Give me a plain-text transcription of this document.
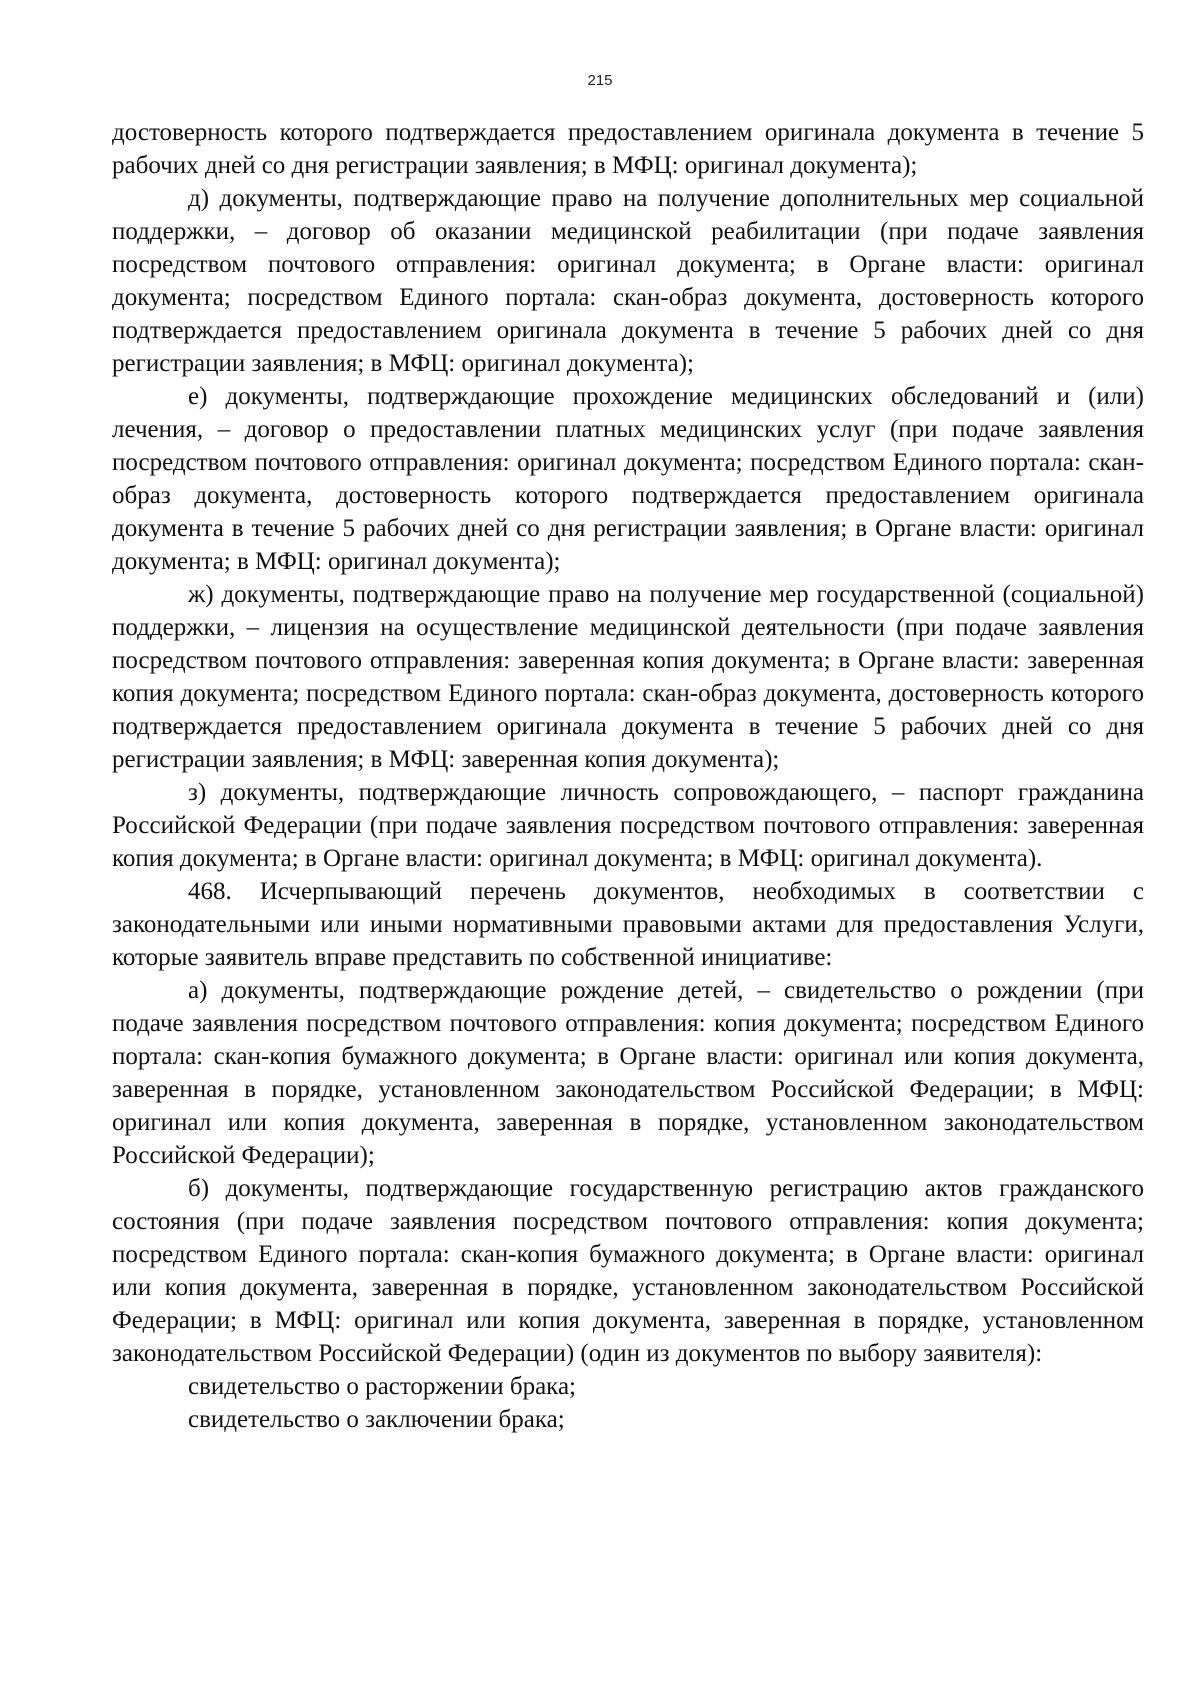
215

достоверность которого подтверждается предоставлением оригинала документа в течение 5 рабочих дней со дня регистрации заявления; в МФЦ: оригинал документа);

д) документы, подтверждающие право на получение дополнительных мер социальной поддержки, – договор об оказании медицинской реабилитации (при подаче заявления посредством почтового отправления: оригинал документа; в Органе власти: оригинал документа; посредством Единого портала: скан-образ документа, достоверность которого подтверждается предоставлением оригинала документа в течение 5 рабочих дней со дня регистрации заявления; в МФЦ: оригинал документа);

е) документы, подтверждающие прохождение медицинских обследований и (или) лечения, – договор о предоставлении платных медицинских услуг (при подаче заявления посредством почтового отправления: оригинал документа; посредством Единого портала: скан-образ документа, достоверность которого подтверждается предоставлением оригинала документа в течение 5 рабочих дней со дня регистрации заявления; в Органе власти: оригинал документа; в МФЦ: оригинал документа);

ж) документы, подтверждающие право на получение мер государственной (социальной) поддержки, – лицензия на осуществление медицинской деятельности (при подаче заявления посредством почтового отправления: заверенная копия документа; в Органе власти: заверенная копия документа; посредством Единого портала: скан-образ документа, достоверность которого подтверждается предоставлением оригинала документа в течение 5 рабочих дней со дня регистрации заявления; в МФЦ: заверенная копия документа);

з) документы, подтверждающие личность сопровождающего, – паспорт гражданина Российской Федерации (при подаче заявления посредством почтового отправления: заверенная копия документа; в Органе власти: оригинал документа; в МФЦ: оригинал документа).

468. Исчерпывающий перечень документов, необходимых в соответствии с законодательными или иными нормативными правовыми актами для предоставления Услуги, которые заявитель вправе представить по собственной инициативе:

а) документы, подтверждающие рождение детей, – свидетельство о рождении (при подаче заявления посредством почтового отправления: копия документа; посредством Единого портала: скан-копия бумажного документа; в Органе власти: оригинал или копия документа, заверенная в порядке, установленном законодательством Российской Федерации; в МФЦ: оригинал или копия документа, заверенная в порядке, установленном законодательством Российской Федерации);

б) документы, подтверждающие государственную регистрацию актов гражданского состояния (при подаче заявления посредством почтового отправления: копия документа; посредством Единого портала: скан-копия бумажного документа; в Органе власти: оригинал или копия документа, заверенная в порядке, установленном законодательством Российской Федерации; в МФЦ: оригинал или копия документа, заверенная в порядке, установленном законодательством Российской Федерации) (один из документов по выбору заявителя):

свидетельство о расторжении брака;

свидетельство о заключении брака;
